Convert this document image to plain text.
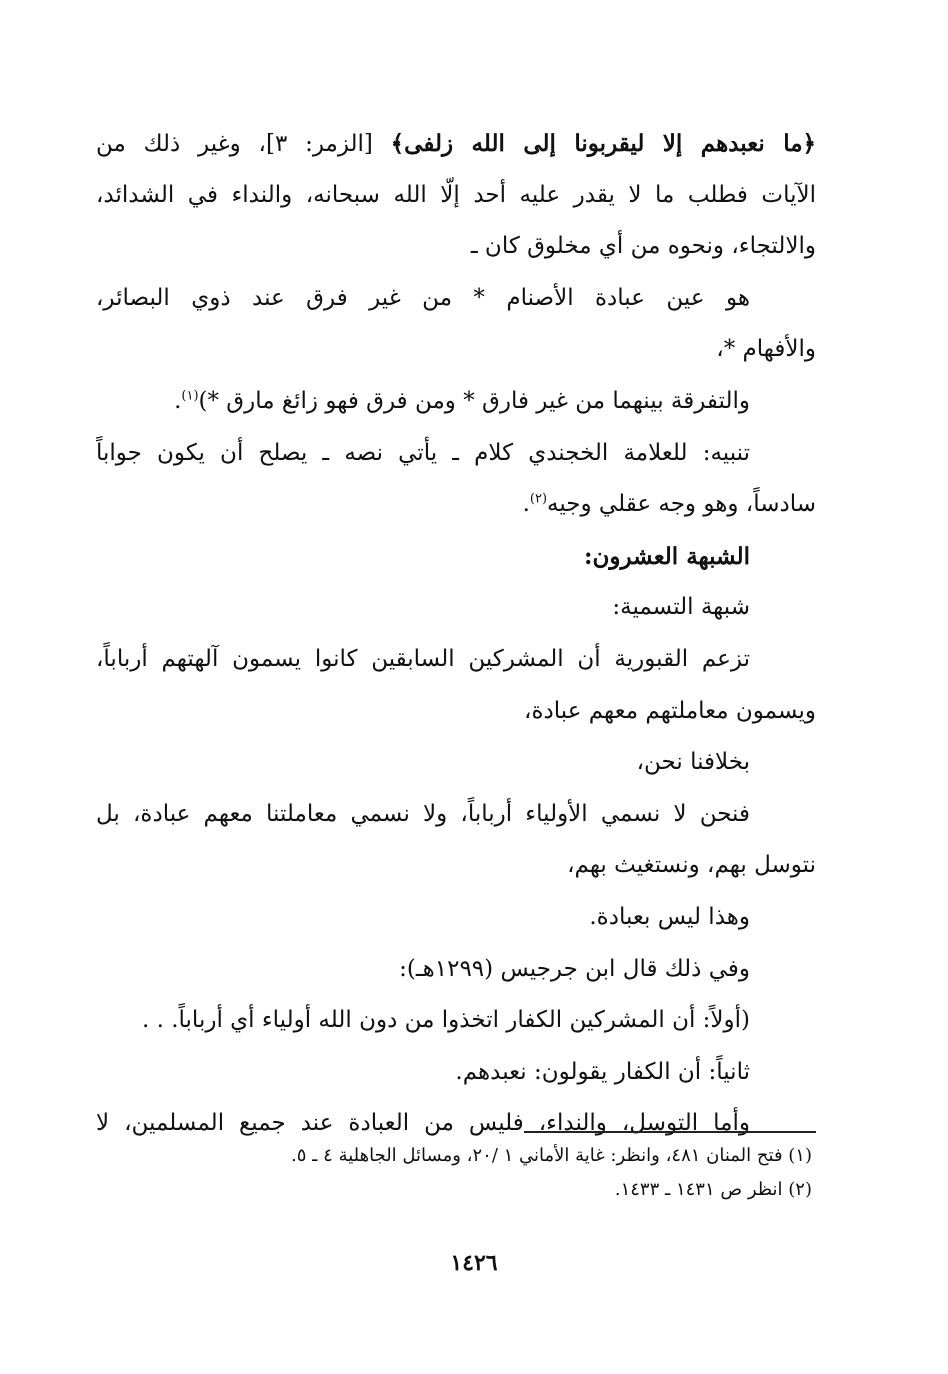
﴿ما نعبدهم إلا ليقربونا إلى الله زلفى﴾ [الزمر: ٣]، وغير ذلك من
الآيات فطلب ما لا يقدر عليه أحد إلّا الله سبحانه، والنداء في الشدائد،
والالتجاء، ونحوه من أي مخلوق كان ـ
هو عين عبادة الأصنام * من غير فرق عند ذوي البصائر،
والأفهام *،
والتفرقة بينهما من غير فارق * ومن فرق فهو زائغ مارق *)$^{(١)}$.
تنبيه: للعلامة الخجندي كلام ـ يأتي نصه ـ يصلح أن يكون جواباً
سادساً، وهو وجه عقلي وجيه$^{(٢)}$.
الشبهة العشرون:
شبهة التسمية:
تزعم القبورية أن المشركين السابقين كانوا يسمون آلهتهم أرباباً،
ويسمون معاملتهم معهم عبادة،
بخلافنا نحن،
فنحن لا نسمي الأولياء أرباباً، ولا نسمي معاملتنا معهم عبادة، بل
نتوسل بهم، ونستغيث بهم،
وهذا ليس بعبادة.
وفي ذلك قال ابن جرجيس (١٢٩٩هـ):
(أولاً: أن المشركين الكفار اتخذوا من دون الله أولياء أي أرباباً. . .
ثانياً: أن الكفار يقولون: نعبدهم.
وأما التوسل، والنداء، فليس من العبادة عند جميع المسلمين، لا
(١) فتح المنان ٤٨١، وانظر: غاية الأماني ١ /٢٠، ومسائل الجاهلية ٤ ـ ٥.
(٢) انظر ص ١٤٣١ ـ ١٤٣٣.
١٤٢٦
